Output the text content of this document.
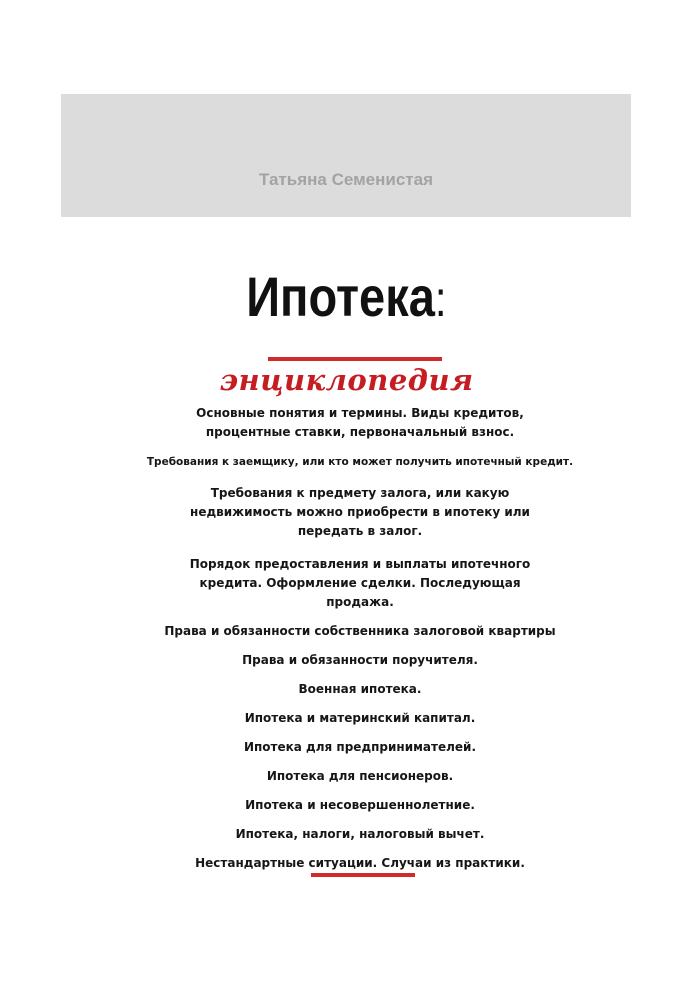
Татьяна Семенистая
Ипотека:
энциклопедия

Основные понятия и термины. Виды кредитов, процентные ставки, первоначальный взнос.

Требования к заемщику, или кто может получить ипотечный кредит.

Требования к предмету залога, или какую недвижимость можно приобрести в ипотеку или передать в залог.

Порядок предоставления и выплаты ипотечного кредита. Оформление сделки. Последующая продажа.

Права и обязанности собственника залоговой квартиры

Права и обязанности поручителя.

Военная ипотека.

Ипотека и материнский капитал.

Ипотека для предпринимателей.

Ипотека для пенсионеров.

Ипотека и несовершеннолетние.

Ипотека, налоги, налоговый вычет.

Нестандартные ситуации. Случаи из практики.
